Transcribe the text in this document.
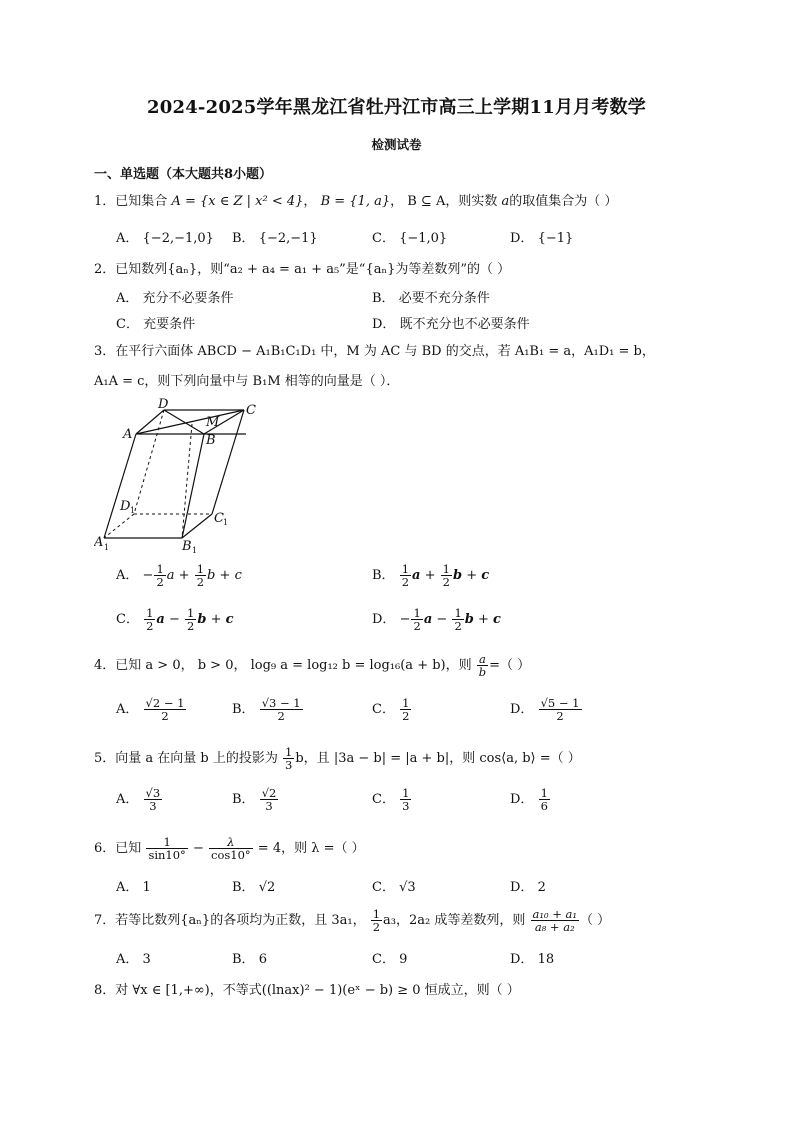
2024-2025学年黑龙江省牡丹江市高三上学期11月月考数学
检测试卷
一、单选题（本大题共8小题）
1．已知集合 A = {x ∈ Z | x² < 4}， B = {1, a}， B ⊆ A，则实数 a的取值集合为（ ）
A． {−2,−1,0} B． {−2,−1}	C． {−1,0}	D． {−1}
2．已知数列{aₙ}，则“a₂ + a₄ = a₁ + a₅”是“{aₙ}为等差数列”的（ ）
A． 充分不必要条件	B． 必要不充分条件
C． 充要条件	D． 既不充分也不必要条件
3．在平行六面体 ABCD − A₁B₁C₁D₁ 中，M 为 AC 与 BD 的交点，若 A₁B₁ = a，A₁D₁ = b，
A₁A = c，则下列向量中与 B₁M 相等的向量是（ ）．
A	B
C
D
M
A	B
C
D
1	1
1
1
A． − $\frac{1}{2}$ $a + \frac{1}{2}$ b + c	B． $\frac{1}{2}$ $a + \frac{1}{2}$ b + c
C． $\frac{1}{2}$ $a - \frac{1}{2}$ b + c	D． − $\frac{1}{2}$ $a - \frac{1}{2}$ b + c
4．已知 a > 0， b > 0， log₉ a = log₁₂ b = log₁₆(a + b)，则 $\frac{a}{b}$ =（ ）
A． $\frac{√2 - 1}{2}$	B． $\frac{√3 - 1}{2}$	C． $\frac{1}{2}$	D． $\frac{√5 - 1}{2}$
5．向量 a 在向量 b 上的投影为 $\frac{1}{3}$ b，且 |3a − b| = |a + b|，则 cos⟨a, b⟩ =（ ）
A． $\frac{√3}{3}$	B． $\frac{√2}{3}$	C． $\frac{1}{3}$	D． $\frac{1}{6}$
6．已知 $\frac{1}{\sin 10^\circ} - \frac{\lambda}{\cos 10^\circ} = 4$，则 λ =（ ）
A． 1	B． √2	C． √3	D． 2
7．若等比数列{aₙ}的各项均为正数，且 3a₁， $\frac{1}{2} a_3$，2a₂ 成等差数列，则 $\frac{\text{a₁₀ + a₁}}{\text{a₈ + a₂}}$ （ ）
A． 3	B． 6	C． 9	D． 18
8．对 ∀x ∈ [1,+∞)，不等式((lnax)² − 1)(eˣ − b) ≥ 0 恒成立，则（ ）
